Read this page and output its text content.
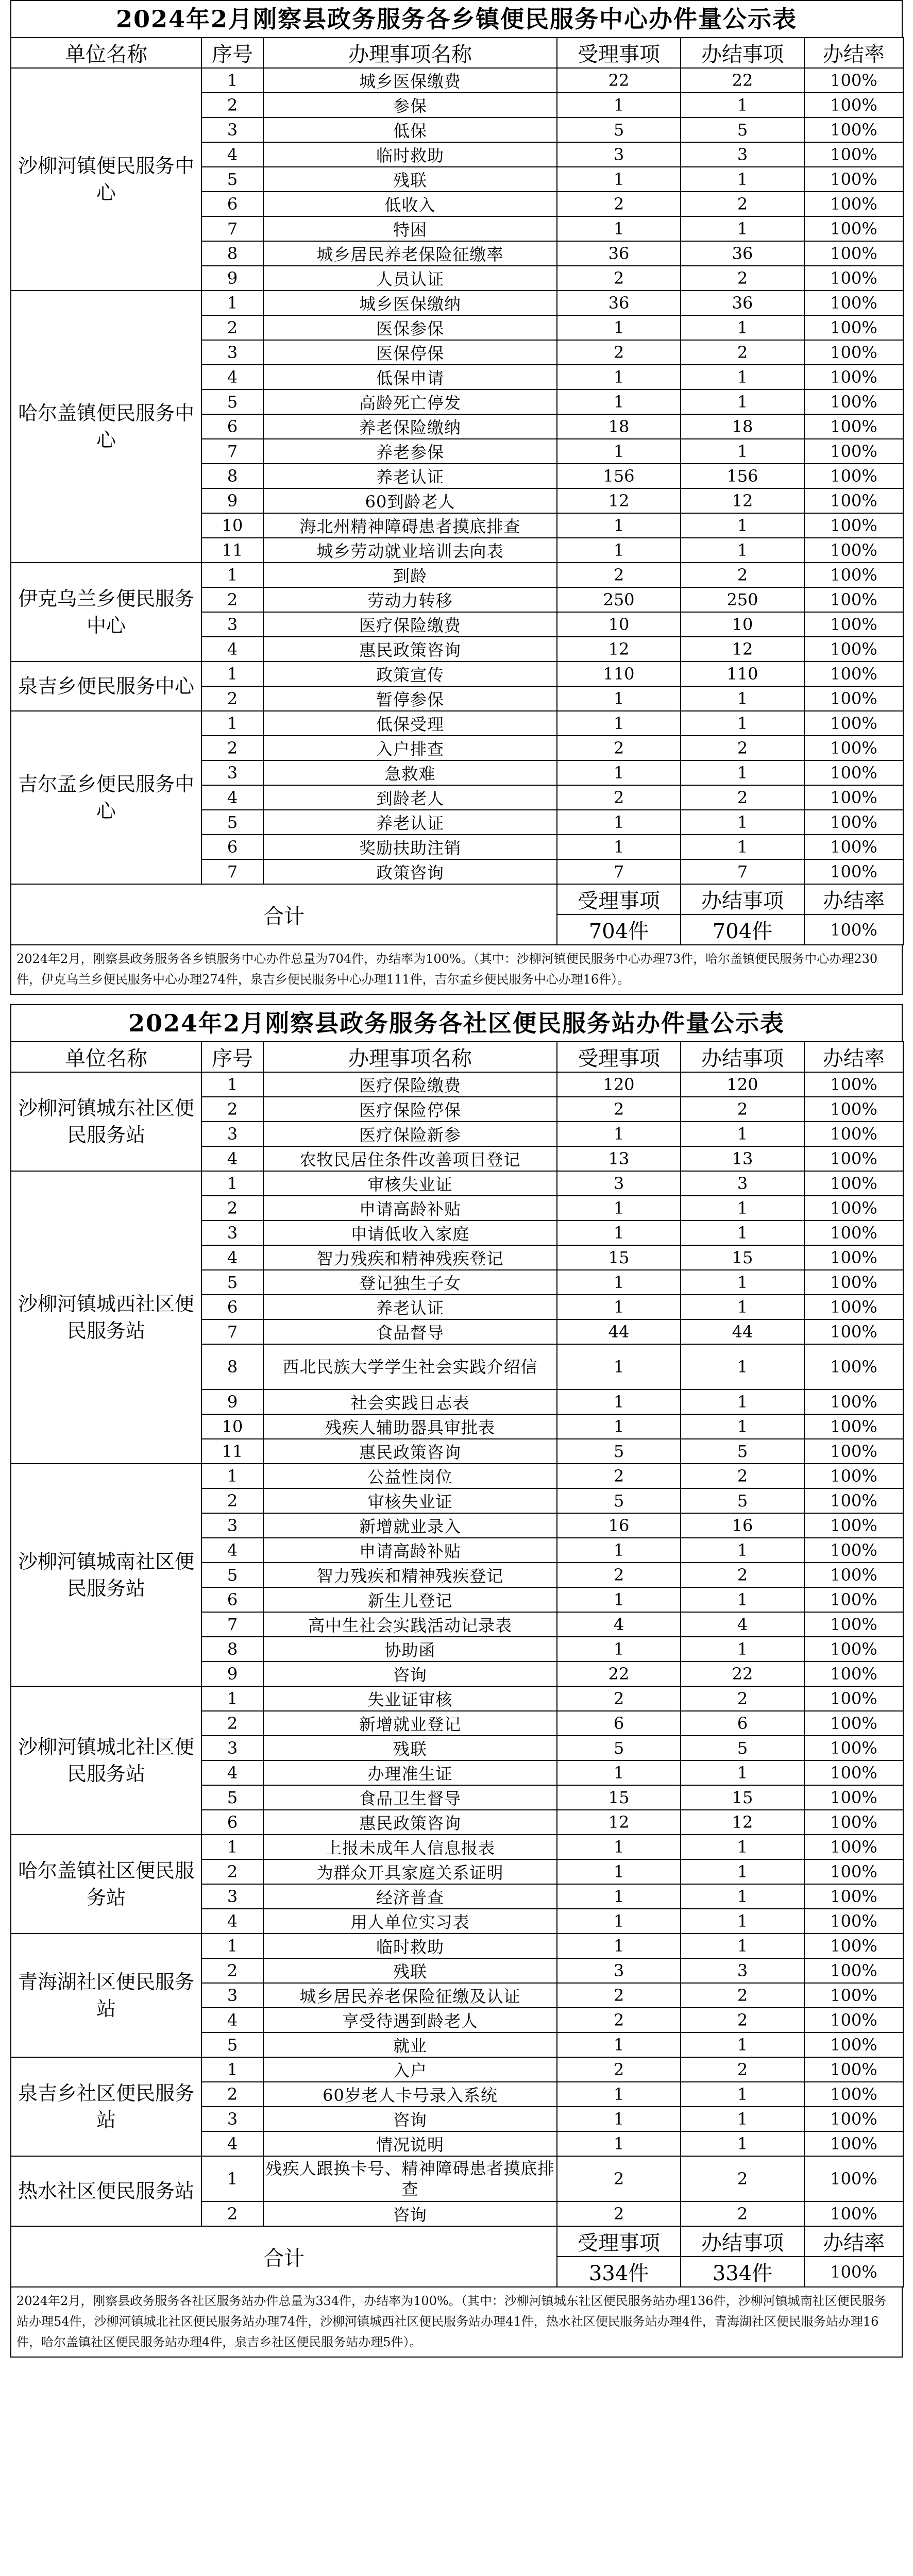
2024年2月刚察县政务服务各乡镇便民服务中心办件量公示表
单位名称	序号	办理事项名称	受理事项	办结事项	办结率
沙柳河镇便民服务中心	1	城乡医保缴费	22	22	100%
	2	参保	1	1	100%
	3	低保	5	5	100%
	4	临时救助	3	3	100%
	5	残联	1	1	100%
	6	低收入	2	2	100%
	7	特困	1	1	100%
	8	城乡居民养老保险征缴率	36	36	100%
	9	人员认证	2	2	100%
哈尔盖镇便民服务中心	1	城乡医保缴纳	36	36	100%
	2	医保参保	1	1	100%
	3	医保停保	2	2	100%
	4	低保申请	1	1	100%
	5	高龄死亡停发	1	1	100%
	6	养老保险缴纳	18	18	100%
	7	养老参保	1	1	100%
	8	养老认证	156	156	100%
	9	60到龄老人	12	12	100%
	10	海北州精神障碍患者摸底排查	1	1	100%
	11	城乡劳动就业培训去向表	1	1	100%
伊克乌兰乡便民服务中心	1	到龄	2	2	100%
	2	劳动力转移	250	250	100%
	3	医疗保险缴费	10	10	100%
	4	惠民政策咨询	12	12	100%
泉吉乡便民服务中心	1	政策宣传	110	110	100%
	2	暂停参保	1	1	100%
吉尔孟乡便民服务中心	1	低保受理	1	1	100%
	2	入户排查	2	2	100%
	3	急救难	1	1	100%
	4	到龄老人	2	2	100%
	5	养老认证	1	1	100%
	6	奖励扶助注销	1	1	100%
	7	政策咨询	7	7	100%
合计			受理事项	办结事项	办结率
			704件	704件	100%
2024年2月，刚察县政务服务各乡镇服务中心办件总量为704件，办结率为100%。（其中：沙柳河镇便民服务中心办理73件，哈尔盖镇便民服务中心办理230件，伊克乌兰乡便民服务中心办理274件，泉吉乡便民服务中心办理111件，吉尔孟乡便民服务中心办理16件）。
2024年2月刚察县政务服务各社区便民服务站办件量公示表
单位名称	序号	办理事项名称	受理事项	办结事项	办结率
沙柳河镇城东社区便民服务站	1	医疗保险缴费	120	120	100%
	2	医疗保险停保	2	2	100%
	3	医疗保险新参	1	1	100%
	4	农牧民居住条件改善项目登记	13	13	100%
沙柳河镇城西社区便民服务站	1	审核失业证	3	3	100%
	2	申请高龄补贴	1	1	100%
	3	申请低收入家庭	1	1	100%
	4	智力残疾和精神残疾登记	15	15	100%
	5	登记独生子女	1	1	100%
	6	养老认证	1	1	100%
	7	食品督导	44	44	100%
	8	西北民族大学学生社会实践介绍信	1	1	100%
	9	社会实践日志表	1	1	100%
	10	残疾人辅助器具审批表	1	1	100%
	11	惠民政策咨询	5	5	100%
沙柳河镇城南社区便民服务站	1	公益性岗位	2	2	100%
	2	审核失业证	5	5	100%
	3	新增就业录入	16	16	100%
	4	申请高龄补贴	1	1	100%
	5	智力残疾和精神残疾登记	2	2	100%
	6	新生儿登记	1	1	100%
	7	高中生社会实践活动记录表	4	4	100%
	8	协助函	1	1	100%
	9	咨询	22	22	100%
沙柳河镇城北社区便民服务站	1	失业证审核	2	2	100%
	2	新增就业登记	6	6	100%
	3	残联	5	5	100%
	4	办理准生证	1	1	100%
	5	食品卫生督导	15	15	100%
	6	惠民政策咨询	12	12	100%
哈尔盖镇社区便民服务站	1	上报未成年人信息报表	1	1	100%
	2	为群众开具家庭关系证明	1	1	100%
	3	经济普查	1	1	100%
	4	用人单位实习表	1	1	100%
青海湖社区便民服务站	1	临时救助	1	1	100%
	2	残联	3	3	100%
	3	城乡居民养老保险征缴及认证	2	2	100%
	4	享受待遇到龄老人	2	2	100%
	5	就业	1	1	100%
泉吉乡社区便民服务站	1	入户	2	2	100%
	2	60岁老人卡号录入系统	1	1	100%
	3	咨询	1	1	100%
	4	情况说明	1	1	100%
热水社区便民服务站	1	残疾人跟换卡号、精神障碍患者摸底排查	2	2	100%
	2	咨询	2	2	100%
合计			受理事项	办结事项	办结率
			334件	334件	100%
2024年2月，刚察县政务服务各社区服务站办件总量为334件，办结率为100%。（其中：沙柳河镇城东社区便民服务站办理136件，沙柳河镇城南社区便民服务站办理54件，沙柳河镇城北社区便民服务站办理74件，沙柳河镇城西社区便民服务站办理41件，热水社区便民服务站办理4件，青海湖社区便民服务站办理16件，哈尔盖镇社区便民服务站办理4件，泉吉乡社区便民服务站办理5件）。
